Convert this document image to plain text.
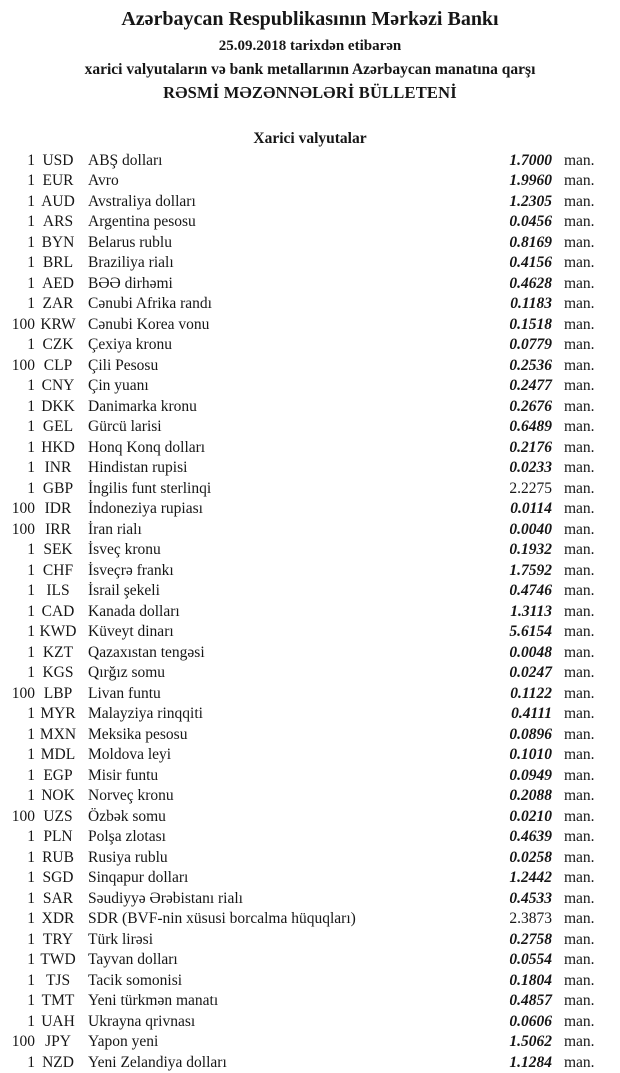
Azərbaycan Respublikasının Mərkəzi Bankı
25.09.2018 tarixdən etibarən
xarici valyutaların və bank metallarının Azərbaycan manatına qarşı
RƏSMİ MƏZƏNNƏLƏRİ BÜLLETENİ
Xarici valyutalar
1 USD ABŞ dolları	1.7000 man.
1 EUR Avro	1.9960 man.
1 AUD Avstraliya dolları	1.2305 man.
1 ARS Argentina pesosu	0.0456 man.
1 BYN Belarus rublu	0.8169 man.
1 BRL Braziliya rialı	0.4156 man.
1 AED BƏƏ dirhəmi	0.4628 man.
1 ZAR Cənubi Afrika randı	0.1183 man.
100 KRW Cənubi Korea vonu	0.1518 man.
1 CZK Çexiya kronu	0.0779 man.
100 CLP	Çili Pesosu	0.2536 man.
1 CNY Çin yuanı	0.2477 man.
1 DKK Danimarka kronu	0.2676 man.
1 GEL Gürcü larisi	0.6489 man.
1 HKD Honq Konq dolları	0.2176 man.
1 INR	Hindistan rupisi	0.0233 man.
1 GBP İngilis funt sterlinqi	2.2275 man.
100 IDR	İndoneziya rupiası	0.0114 man.
100 IRR	İran rialı	0.0040 man.
1 SEK İsveç kronu	0.1932 man.
1 CHF İsveçrə frankı	1.7592 man.
1 ILS	İsrail şekeli	0.4746 man.
1 CAD Kanada dolları	1.3113 man.
1 KWD Küveyt dinarı	5.6154 man.
1 KZT Qazaxıstan tengəsi	0.0048 man.
1 KGS Qırğız somu	0.0247 man.
100 LBP	Livan funtu	0.1122 man.
1 MYR Malayziya rinqqiti	0.4111 man.
1 MXN Meksika pesosu	0.0896 man.
1 MDL Moldova leyi	0.1010 man.
1 EGP Misir funtu	0.0949 man.
1 NOK Norveç kronu	0.2088 man.
100 UZS Özbək somu	0.0210 man.
1 PLN Polşa zlotası	0.4639 man.
1 RUB Rusiya rublu	0.0258 man.
1 SGD Sinqapur dolları	1.2442 man.
1 SAR Səudiyyə Ərəbistanı rialı	0.4533 man.
1 XDR SDR (BVF-nin xüsusi borcalma hüquqları)	2.3873 man.
1 TRY Türk lirəsi	0.2758 man.
1 TWD Tayvan dolları	0.0554 man.
1 TJS	Tacik somonisi	0.1804 man.
1 TMT Yeni türkmən manatı	0.4857 man.
1 UAH Ukrayna qrivnası	0.0606 man.
100 JPY	Yapon yeni	1.5062 man.
1 NZD Yeni Zelandiya dolları	1.1284 man.
